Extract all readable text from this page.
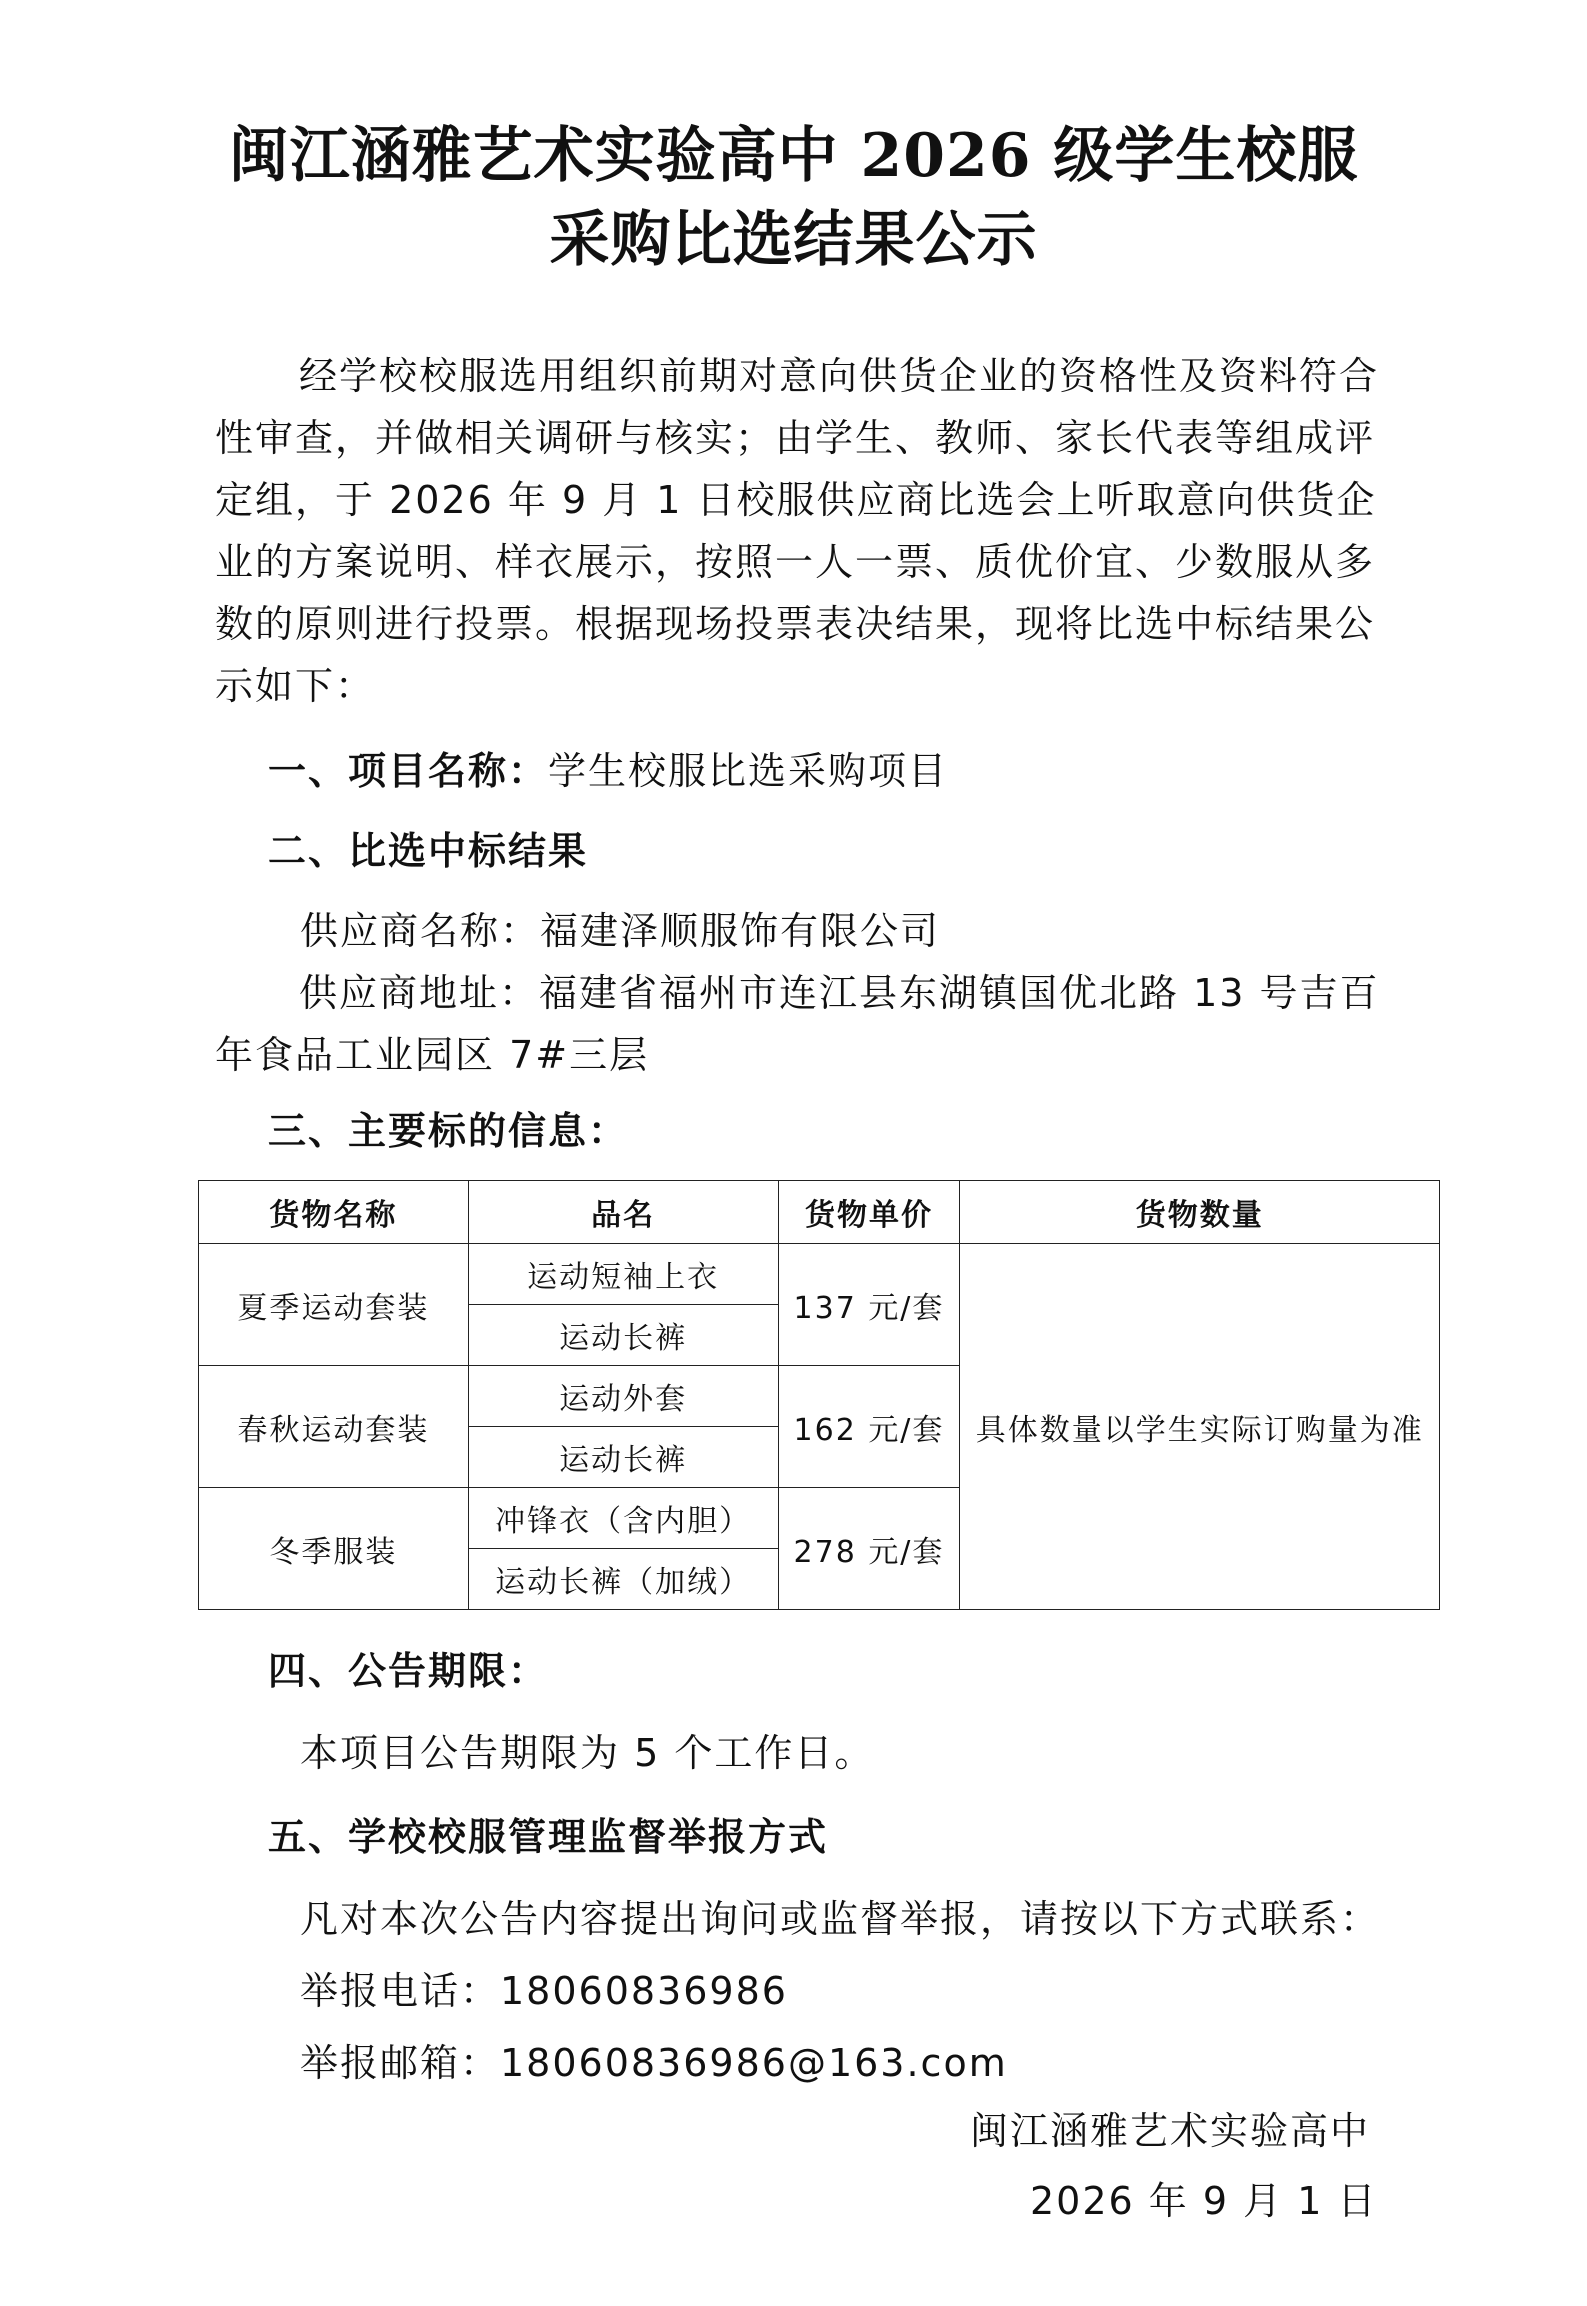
闽江涵雅艺术实验高中 2026 级学生校服
采购比选结果公示

经学校校服选用组织前期对意向供货企业的资格性及资料符合性审查，并做相关调研与核实；由学生、教师、家长代表等组成评定组，于 2026 年 9 月 1 日校服供应商比选会上听取意向供货企业的方案说明、样衣展示，按照一人一票、质优价宜、少数服从多数的原则进行投票。根据现场投票表决结果，现将比选中标结果公示如下：

一、项目名称：学生校服比选采购项目
二、比选中标结果
供应商名称：福建泽顺服饰有限公司

供应商地址：福建省福州市连江县东湖镇国优北路 13 号吉百年食品工业园区 7#三层

三、主要标的信息：
货物名称	品名	货物单价	货物数量
夏季运动套装	运动短袖上衣	137 元/套	具体数量以学生实际订购量为准
	运动长裤		
春秋运动套装	运动外套	162 元/套	
	运动长裤		
冬季服装	冲锋衣（含内胆）	278 元/套	
	运动长裤（加绒）		
四、公告期限：
本项目公告期限为 5 个工作日。
五、学校校服管理监督举报方式
凡对本次公告内容提出询问或监督举报，请按以下方式联系：
举报电话：18060836986
举报邮箱：18060836986@163.com
闽江涵雅艺术实验高中
2026 年 9 月 1 日
